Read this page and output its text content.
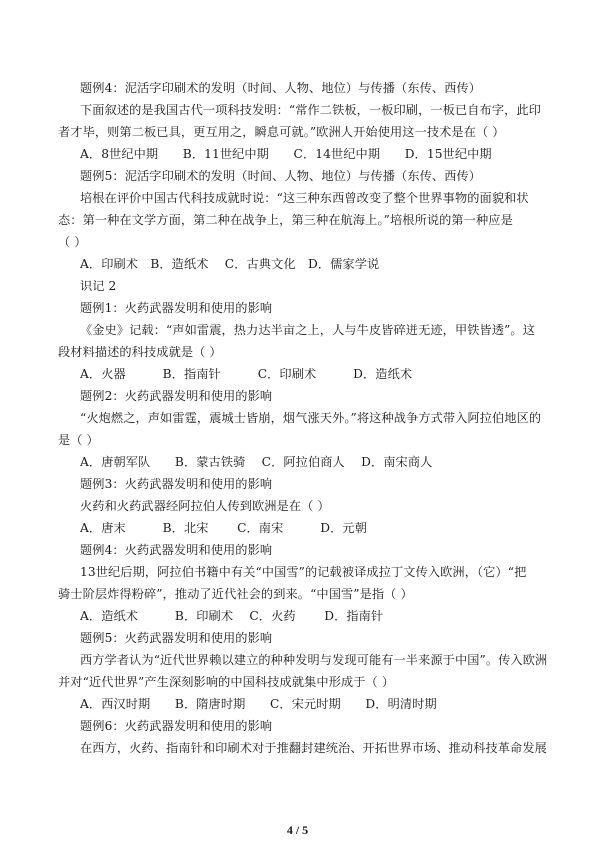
题例4：泥活字印刷术的发明（时间、人物、地位）与传播（东传、西传）
下面叙述的是我国古代一项科技发明：“常作二铁板，一板印刷，一板已自布字，此印
者才毕，则第二板已具，更互用之，瞬息可就。”欧洲人开始使用这一技术是在（ ）
A．8世纪中期　　B．11世纪中期　　C．14世纪中期　　D．15世纪中期
题例5：泥活字印刷术的发明（时间、人物、地位）与传播（东传、西传）
培根在评价中国古代科技成就时说：“这三种东西曾改变了整个世界事物的面貌和状
态：第一种在文学方面，第二种在战争上，第三种在航海上。”培根所说的第一种应是
（ ）
A．印刷术　B．造纸术　 C．古典文化　D．儒家学说
识记 2
题例1：火药武器发明和使用的影响
《金史》记载：“声如雷震，热力达半亩之上，人与牛皮皆碎迸无迹，甲铁皆透”。这
段材料描述的科技成就是（ ）
A．火器　　　B．指南针　　　C．印刷术　　　D．造纸术
题例2：火药武器发明和使用的影响
“火炮燃之，声如雷霆，震城士皆崩，烟气涨天外。”将这种战争方式带入阿拉伯地区的
是（ ）
A．唐朝军队　　B．蒙古铁骑　 C．阿拉伯商人　 D．南宋商人
题例3：火药武器发明和使用的影响
火药和火药武器经阿拉伯人传到欧洲是在（ ）
A．唐末　　　B．北宋　　 C．南宋　　　D．元朝
题例4：火药武器发明和使用的影响
13世纪后期，阿拉伯书籍中有关“中国雪”的记载被译成拉丁文传入欧洲，（它）“把
骑士阶层炸得粉碎”，推动了近代社会的到来。“中国雪”是指（ ）
A．造纸术　　　B．印刷术　 C．火药　　 D．指南针
题例5：火药武器发明和使用的影响
西方学者认为“近代世界赖以建立的种种发明与发现可能有一半来源于中国”。传入欧洲
并对“近代世界”产生深刻影响的中国科技成就集中形成于（ ）
A．西汉时期　　B．隋唐时期　　C．宋元时期　　D．明清时期
题例6：火药武器发明和使用的影响
在西方，火药、指南针和印刷术对于推翻封建统治、开拓世界市场、推动科技革命发展
4 / 5
